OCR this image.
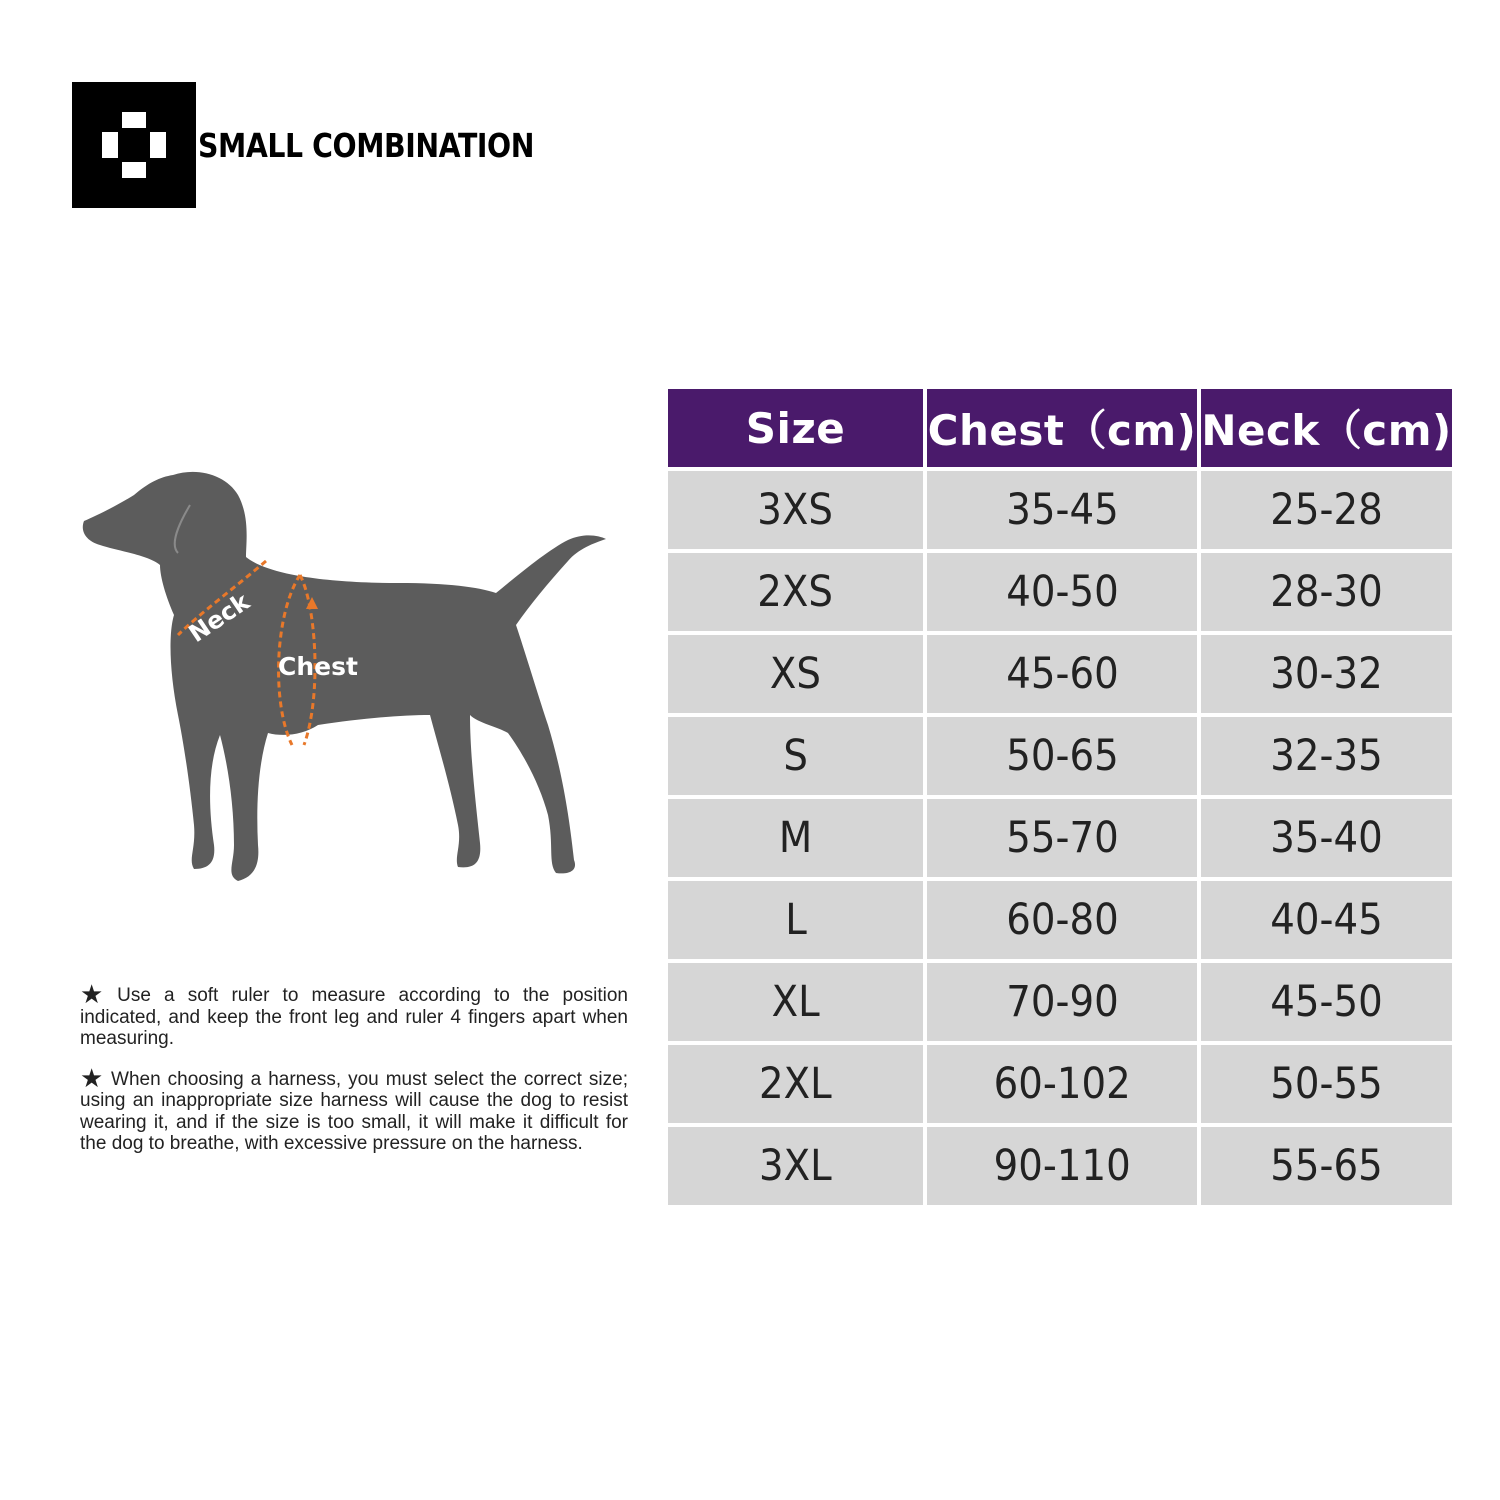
SMALL COMBINATION
Neck
Chest

★ Use a soft ruler to measure according to the position indicated, and keep the front leg and ruler 4 fingers apart when measuring.

★ When choosing a harness, you must select the correct size; using an inappropriate size harness will cause the dog to resist wearing it, and if the size is too small, it will make it difficult for the dog to breathe, with excessive pressure on the harness.

Size	Chest（cm)	Neck（cm)
3XS	35-45	25-28
2XS	40-50	28-30
XS	45-60	30-32
S	50-65	32-35
M	55-70	35-40
L	60-80	40-45
XL	70-90	45-50
2XL	60-102	50-55
3XL	90-110	55-65
